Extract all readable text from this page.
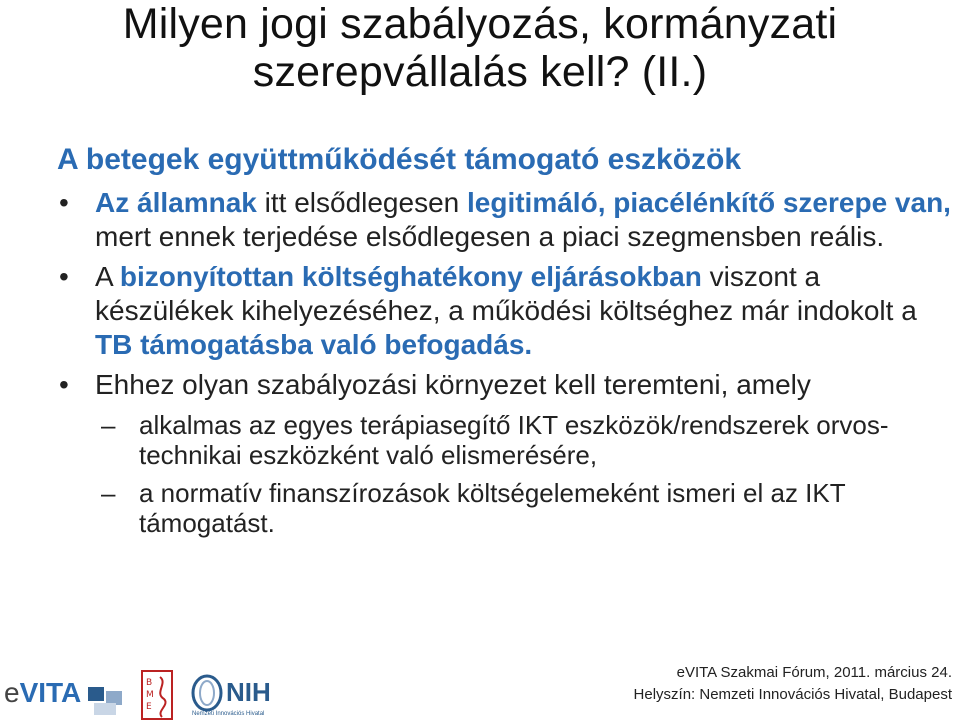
Milyen jogi szabályozás, kormányzati
szerepvállalás kell? (II.)
A betegek együttműködését támogató eszközök
• Az államnak itt elsődlegesen legitimáló, piacélénkítő szerepe van, mert ennek terjedése elsődlegesen a piaci szegmensben reális.
• A bizonyítottan költséghatékony eljárásokban viszont a készülékek kihelyezéséhez, a működési költséghez már indokolt a TB támogatásba való befogadás.
• Ehhez olyan szabályozási környezet kell teremteni, amely
– alkalmas az egyes terápiasegítő IKT eszközök/rendszerek orvos-technikai eszközként való elismerésére,
– a normatív finanszírozások költségelemeként ismeri el az IKT támogatást.
eVITA	B
M
E	NIH
Nemzeti Innovációs Hivatal
eVITA Szakmai Fórum, 2011. március 24.
Helyszín: Nemzeti Innovációs Hivatal, Budapest
